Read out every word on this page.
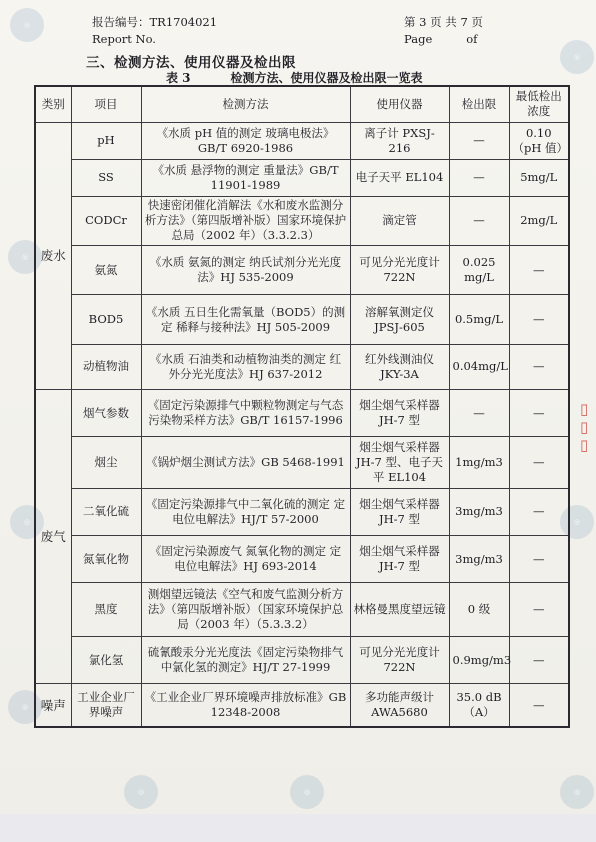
◎
◎
◎
◎
◎	◎
◎
◎
◎
报告编号：TR1704021
Report No.
第 3 页 共 7 页
Page	of
三、检测方法、使用仪器及检出限
表 3	检测方法、使用仪器及检出限一览表
类别	项目	检测方法	使用仪器	检出限	最低检出浓度
废水	pH	《水质 pH 值的测定 玻璃电极法》GB/T 6920-1986	离子计 PXSJ-216	—	0.10（pH 值）
	SS	《水质 悬浮物的测定 重量法》GB/T 11901-1989	电子天平 EL104	—	5mg/L
	CODCr	快速密闭催化消解法《水和废水监测分析方法》（第四版增补版）国家环境保护总局（2002 年）（3.3.2.3）	滴定管	—	2mg/L
	氨氮	《水质 氨氮的测定 纳氏试剂分光光度法》HJ 535-2009	可见分光光度计 722N	0.025 mg/L	—
	BOD5	《水质 五日生化需氧量（BOD5）的测定 稀释与接种法》HJ 505-2009	溶解氧测定仪 JPSJ-605	0.5mg/L	—
	动植物油	《水质 石油类和动植物油类的测定 红外分光光度法》HJ 637-2012	红外线测油仪 JKY-3A	0.04mg/L	—
废气	烟气参数	《固定污染源排气中颗粒物测定与气态污染物采样方法》GB/T 16157-1996	烟尘烟气采样器 JH-7 型	—	—
	烟尘	《锅炉烟尘测试方法》GB 5468-1991	烟尘烟气采样器 JH-7 型、电子天平 EL104	1mg/m3	—
	二氧化硫	《固定污染源排气中二氧化硫的测定 定电位电解法》HJ/T 57-2000	烟尘烟气采样器 JH-7 型	3mg/m3	—
	氮氧化物	《固定污染源废气 氮氧化物的测定 定电位电解法》HJ 693-2014	烟尘烟气采样器 JH-7 型	3mg/m3	—
	黑度	测烟望远镜法《空气和废气监测分析方法》（第四版增补版）（国家环境保护总局（2003 年）（5.3.3.2）	林格曼黑度望远镜	0 级	—
	氯化氢	硫氰酸汞分光光度法《固定污染物排气中氯化氢的测定》HJ/T 27-1999	可见分光光度计 722N	0.9mg/m3	—
噪声	工业企业厂界噪声	《工业企业厂界环境噪声排放标准》GB 12348-2008	多功能声级计 AWA5680	35.0 dB（A）	—
▯
▯
▯
